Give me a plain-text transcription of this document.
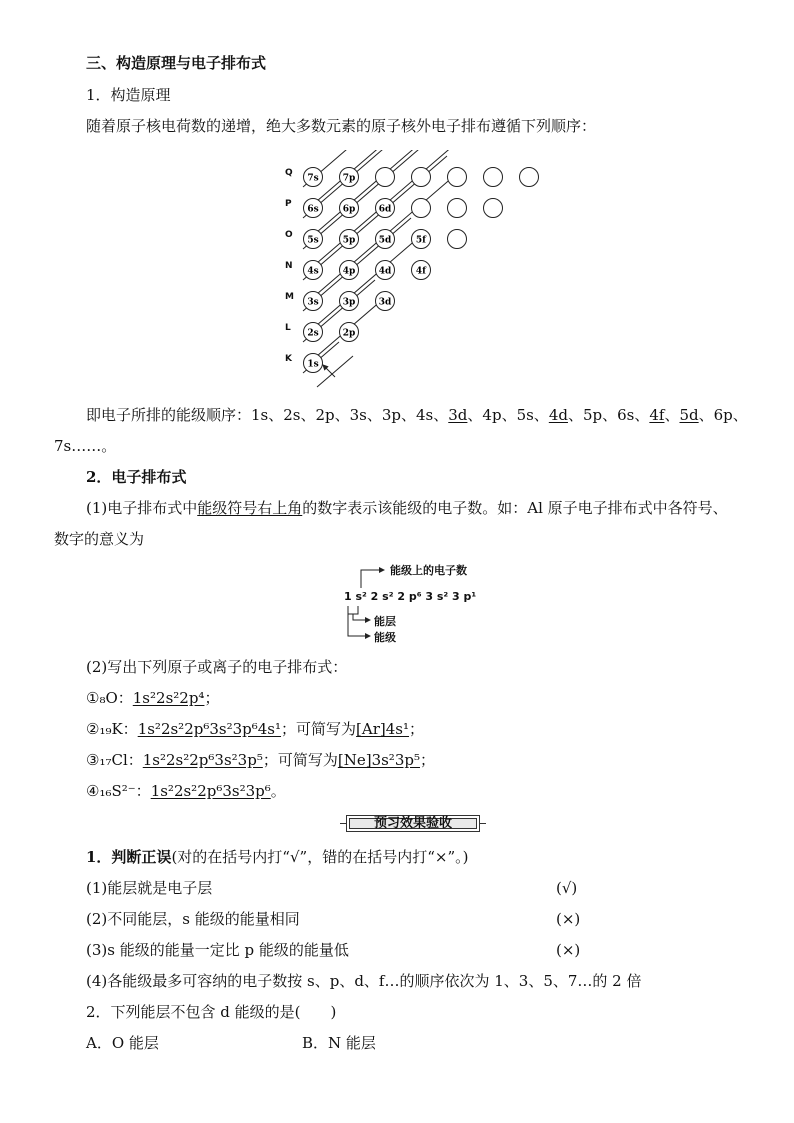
三、构造原理与电子排布式
1．构造原理
随着原子核电荷数的递增，绝大多数元素的原子核外电子排布遵循下列顺序：
Q
P
O
N
M
L
K
7s	7p
6s	6p	6d
5s	5p	5d	5f
4s	4p	4d	4f
3s	3p	3d
2s	2p
1s
即电子所排的能级顺序：1s、2s、2p、3s、3p、4s、3d、4p、5s、4d、5p、6s、4f、5d、6p、
7s……。
2．电子排布式
(1)电子排布式中能级符号右上角的数字表示该能级的电子数。如：Al 原子电子排布式中各符号、
数字的意义为
能级上的电子数
1 s² 2 s² 2 p⁶ 3 s² 3 p¹
能层
能级
(2)写出下列原子或离子的电子排布式：
①₈O：1s²2s²2p⁴；
②₁₉K：1s²2s²2p⁶3s²3p⁶4s¹；可简写为[Ar]4s¹；
③₁₇Cl：1s²2s²2p⁶3s²3p⁵；可简写为[Ne]3s²3p⁵；
④₁₆S²⁻：1s²2s²2p⁶3s²3p⁶。
预习效果验收
1．判断正误(对的在括号内打“√”，错的在括号内打“×”。)
(1)能层就是电子层	(√)
(2)不同能层，s 能级的能量相同	(×)
(3)s 能级的能量一定比 p 能级的能量低	(×)
(4)各能级最多可容纳的电子数按 s、p、d、f…的顺序依次为 1、3、5、7…的 2 倍
2．下列能层不包含 d 能级的是(　　)
A．O 能层	B．N 能层
